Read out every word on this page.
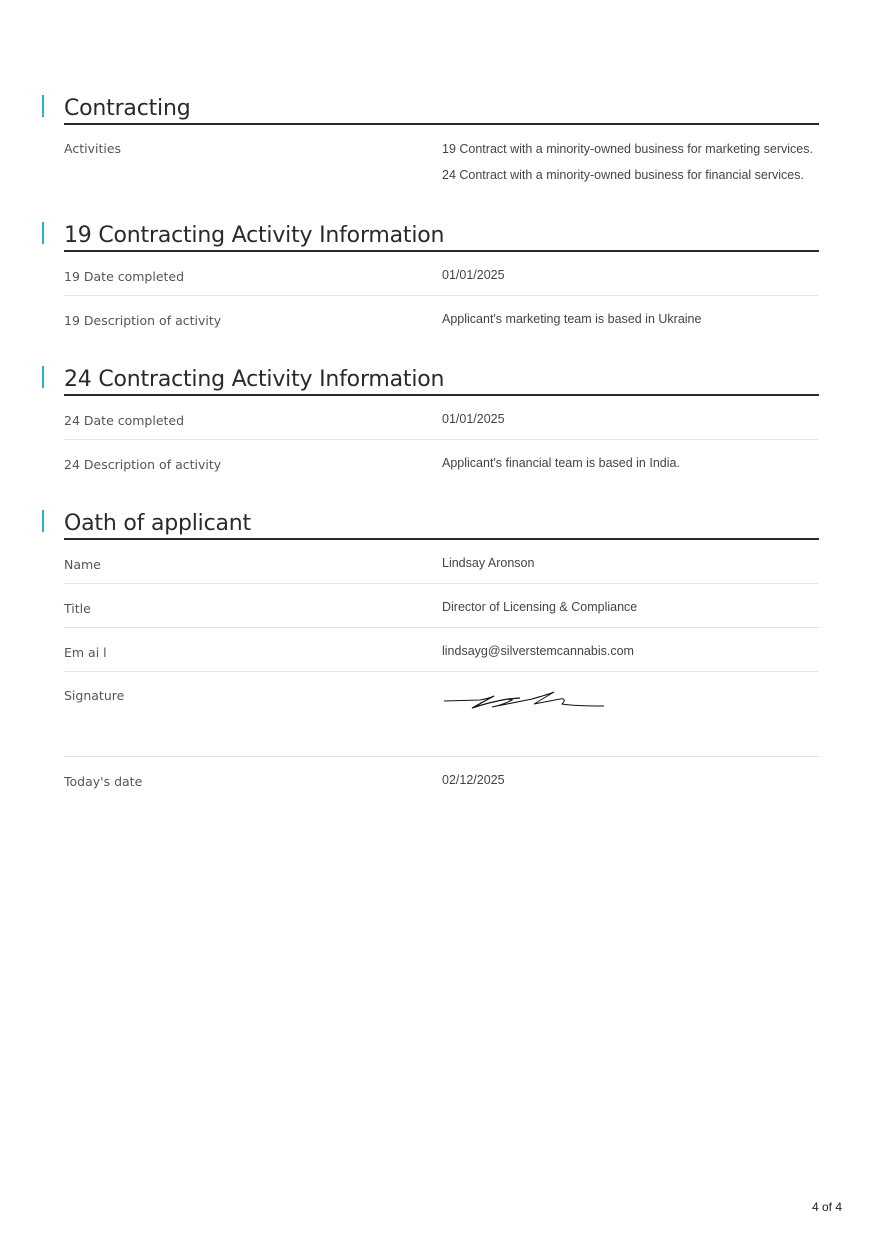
Contracting
Activities	19 Contract with a minority-owned business for marketing services.
24 Contract with a minority-owned business for financial services.
19 Contracting Activity Information
19 Date completed	01/01/2025
19 Description of activity	Applicant's marketing team is based in Ukraine
24 Contracting Activity Information
24 Date completed	01/01/2025
24 Description of activity	Applicant's financial team is based in India.
Oath of applicant
Name	Lindsay Aronson
Title	Director of Licensing & Compliance
Em ai l	lindsayg@silverstemcannabis.com
Signature
Today's date	02/12/2025
4 of 4
